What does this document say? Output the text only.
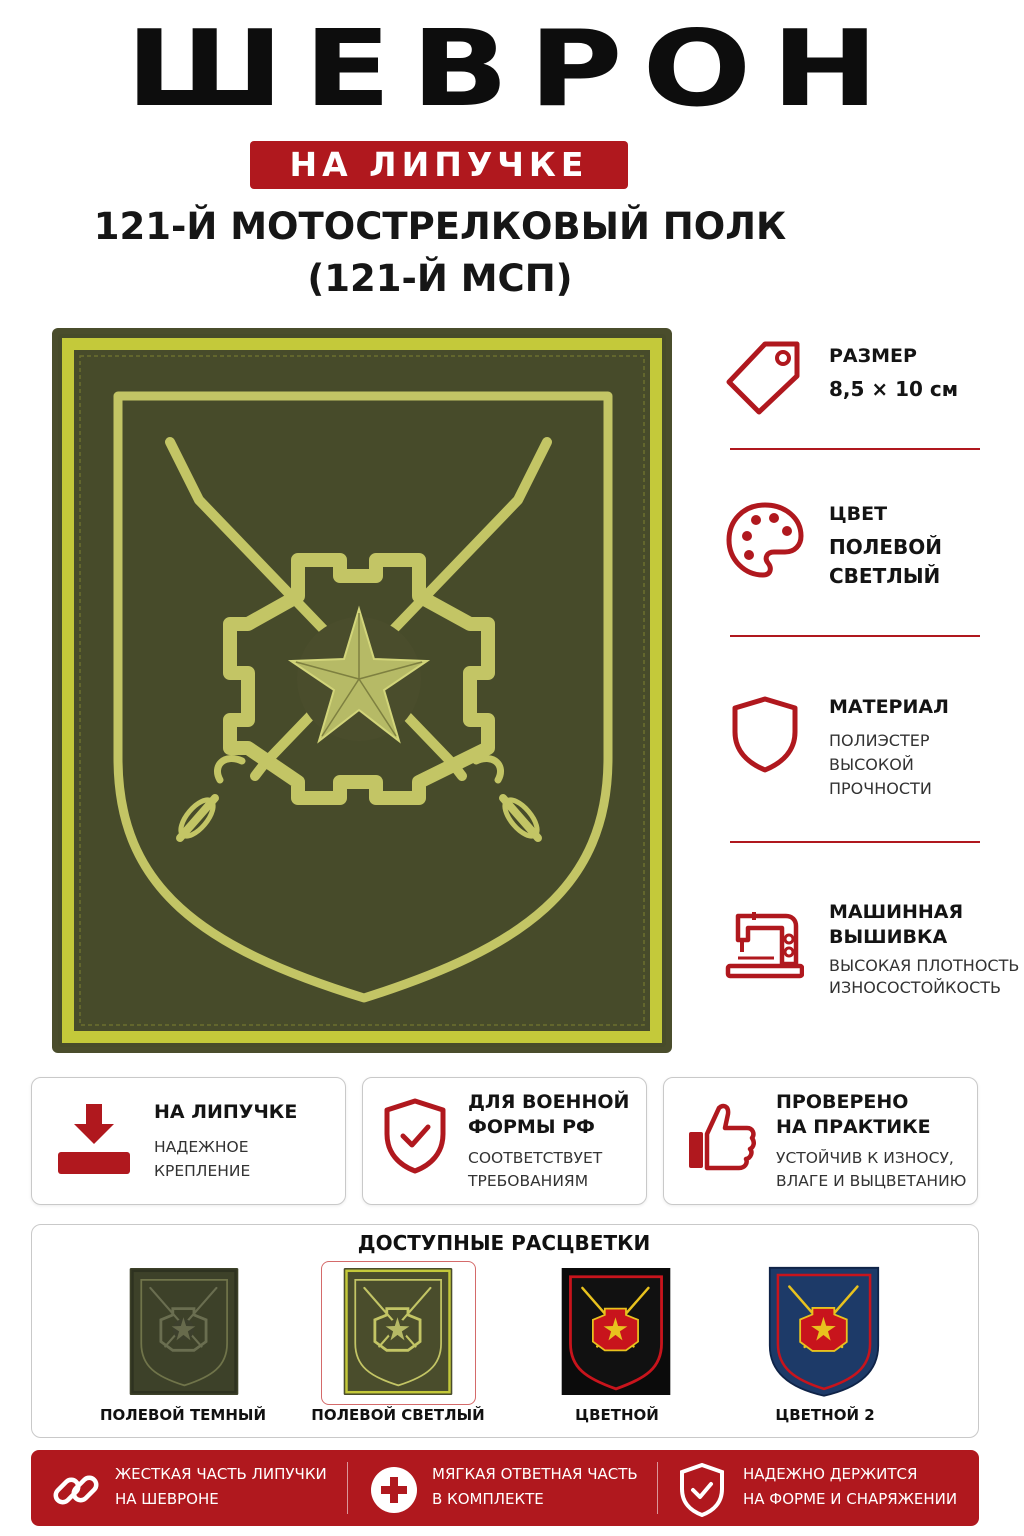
ШЕВРОН
НА ЛИПУЧКЕ
121-Й МОТОСТРЕЛКОВЫЙ ПОЛК
(121-Й МСП)
РАЗМЕР
8,5 × 10 см
ЦВЕТ
ПОЛЕВОЙ
СВЕТЛЫЙ
МАТЕРИАЛ
ПОЛИЭСТЕР
ВЫСОКОЙ
ПРОЧНОСТИ
МАШИННАЯ
ВЫШИВКА
ВЫСОКАЯ ПЛОТНОСТЬ
ИЗНОСОСТОЙКОСТЬ
НА ЛИПУЧКЕ
НАДЕЖНОЕ
КРЕПЛЕНИЕ
ДЛЯ ВОЕННОЙ
ФОРМЫ РФ
СООТВЕТСТВУЕТ
ТРЕБОВАНИЯМ
ПРОВЕРЕНО
НА ПРАКТИКЕ
УСТОЙЧИВ К ИЗНОСУ,
ВЛАГЕ И ВЫЦВЕТАНИЮ
ДОСТУПНЫЕ РАСЦВЕТКИ
ПОЛЕВОЙ ТЕМНЫЙ	ПОЛЕВОЙ СВЕТЛЫЙ	ЦВЕТНОЙ	ЦВЕТНОЙ 2
ЖЕСТКАЯ ЧАСТЬ ЛИПУЧКИ
НА ШЕВРОНЕ
МЯГКАЯ ОТВЕТНАЯ ЧАСТЬ
В КОМПЛЕКТЕ
НАДЕЖНО ДЕРЖИТСЯ
НА ФОРМЕ И СНАРЯЖЕНИИ
